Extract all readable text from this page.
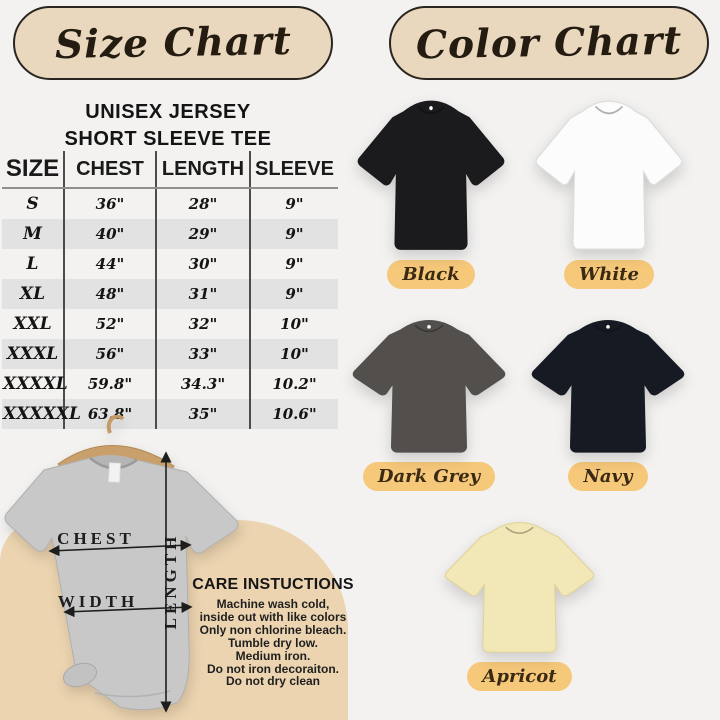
Size Chart	Color Chart
UNISEX JERSEY
SHORT SLEEVE TEE
SIZE	CHEST	LENGTH	SLEEVE
S	36"	28"	9"
M	40"	29"	9"
L	44"	30"	9"
XL	48"	31"	9"
XXL	52"	32"	10"
XXXL	56"	33"	10"
XXXXL	59.8"	34.3"	10.2"
XXXXXL	63.8"	35"	10.6"
CHEST
WIDTH LENGTH CARE INSTUCTIONS
Machine wash cold,
inside out with like colors
Only non chlorine bleach.
Tumble dry low.
Medium iron.
Do not iron decoraiton.
Do not dry clean
Black	White
Dark Grey	Navy
Apricot
